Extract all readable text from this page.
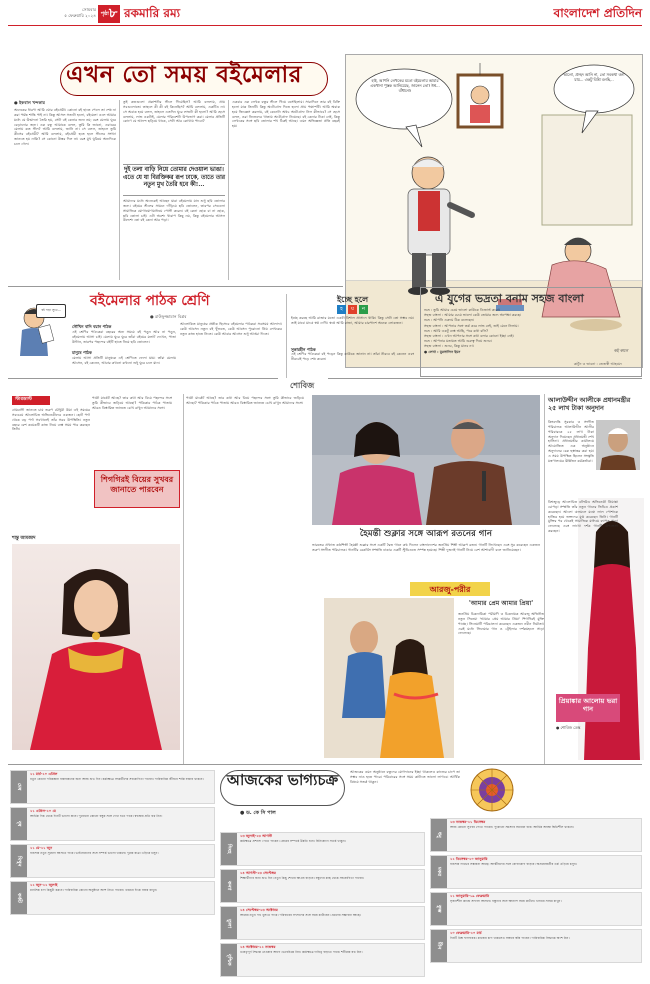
সোমবার
৫ ফেব্রুয়ারি ২০২৪ $^{পৃষ্ঠা}$৮ রকমারি রম্য	বাংলাদেশ প্রতিদিন
এখন তো সময় বইমেলার
● ইকবাল খন্দকার
অনেকের ধারণা আমি ঘোর বইপ্রেমী। কোনো বই হাতে পেলে তা শেষ না করা পর্যন্ত শান্তি পাই না। কিন্তু আসল সত্যটা হলো, বইমেলা এলে আমার মধ্যে যে উন্মাদনা তৈরি হয়, সেটা বই কেনার জন্য নয়; বরং মেলায় ঘুরে বেড়ানোর জন্য। এক বন্ধু আমাকে বলল, তুমি কি জানো, এবারের মেলায় কত স্টল? আমি বললাম, জানি না। সে বলল, তাহলে তুমি কীসের বইপ্রেমী? আমি বললাম, বইপ্রেমী হতে হলে স্টলের সংখ্যা জানতে হয় নাকি? সে কোনো উত্তর দিল না। বরং মুখ ঘুরিয়ে অন্যদিকে চলে গেল।
তুই কতগুলো প্রকাশনীর স্টলে গিয়েছিস? আমি বললাম, প্রায় সবগুলোতে। তাহলে কী কী বই কিনেছিস? আমি বললাম, একটিও না। সে অবাক হয়ে বলল, তাহলে এতদিন ঘুরে লাভটা কী হলো? আমি হেসে বললাম, লাভ একটাই, মেলার পরিবেশটা উপভোগ করা। মেলার প্রতিটি কোণে যে আনন্দ ছড়িয়ে থাকে, সেটা আর কোথায় পাবো?
দুই তলা বাড়ি নিয়ে তোমার দেওয়াল ভাঙা। এতে যে যা বিরক্তিকর রূপ ঢাকে, তাতে তার নতুন মুখ তৈরি হবে কী!...
আমাদের মধ্যে অনেকেই আছেন যারা বইমেলায় যান শুধু ছবি তোলার জন্য। বইয়ের স্টলের সামনে দাঁড়িয়ে ছবি তোলেন, তারপর সেগুলো সামাজিক যোগাযোগমাধ্যমে পোস্ট করেন। বই কেনা হোক বা না হোক, ছবি তোলা চাই। এটা অবশ্য খারাপ কিছু নয়, কিন্তু বইমেলার আসল উদ্দেশ্য তো বই কেনা আর পড়া।
একবার এক লেখক বন্ধুর স্টলে গিয়ে বসেছিলাম। সারাদিনে তার বই বিক্রি হলো মাত্র তিনটি। কিন্তু অটোগ্রাফ দিতে হলো প্রায় পঞ্চাশটি। আমি অবাক হয়ে জিজ্ঞেস করলাম, বই কেনেনি অথচ অটোগ্রাফ নিল কীভাবে? সে হেসে বলল, ওরা নিজেদের খাতায় অটোগ্রাফ নিয়েছে। বই কেনার টাকা নেই, কিন্তু লেখকের সঙ্গে ছবি তোলার শখ ঠিকই আছে। এমন অভিজ্ঞতা প্রতি বছরই হয়।
হাই, আপনি লেখকের মতো বইমেলায় আমার একখানা পুস্তক আনিয়েছে, জানেন তো? ঈশ্ব... বাঁধানো!
ভালো, প্রচ্ছদ আনি না, তো সবকথা বলা যায়... একটু বিশ্রি বলছি...
কই কমল
কার্টুন ও ভাবনা : তেজস্বী আহমেদ
বই পড়া সুখে...
বইমেলার পাঠক শ্রেণি
● রাউফুজ্জামান বিপ্লব
সৌখিন বাদি বয়ান পাঠক
এই শ্রেণির পাঠকেরা বছরের অন্য সময়ে বই পড়ুন আর না পড়ুন, বইমেলায় আসা চাই। মেলায় ঘুরে ঘুরে তাঁরা বইয়ের মলাট দেখেন, পাতা উল্টান, তারপর পছন্দের বইটি হাতে নিয়ে ছবি তোলেন।
মানুষে পাঠক
মেলায় আসা প্রতিটি মানুষকে এই শ্রেণিতে ফেলা যায়। তাঁরা মেলায় আসেন, বই কেনেন, আবার কখনো কখনো শুধু ঘুরে চলে যান।
আলোকিত মানুষের প্রতীক হিসেবে বইমেলার পাঠকরা সবসময় আলাদা। কেউ আসেন নতুন বই খুঁজতে, কেউ আসেন পুরোনো প্রিয় লেখকের নতুন কাজ হাতে নিতে। কেউ আবার আসেন শুধু আড্ডা দিতে।
ইচ্ছে হলে
হ	য়	ন
ইচ্ছে করছে আমি রাজার মতো একটা বিশাল প্রাসাদে থাকি। কিন্তু সেটা তো সম্ভব নয়। তাই মাঝে মাঝে স্বপ্ন দেখি। স্বপ্নে আমি রাজা, আমার চারপাশে অনেক লোকজন।
সুকারহীন পাঠক
এই শ্রেণির পাঠকেরা বই পড়েন কিন্তু কাউকে জানান না। তাঁরা নীরবে বই কেনেন এবং নীরবেই পড়ে শেষ করেন।
এ যুগের ভদ্রতা বনাম সহজ বাংলা
শুভ্র : তুমি আমার চেয়ে ভালো কাউকে ডিজার্ভ করো।
সহজ বাংলা : আমার চেয়ে ভালো কেউ তোমার জন্য অপেক্ষা করছে।
শুভ্র : আপনি একদম ঠিক বলেছেন।
সহজ বাংলা : আপনার সঙ্গে তর্ক করে লাভ নেই, তাই মেনে নিলাম।
শুভ্র : আমি একটু ব্যস্ত আছি, পরে কথা বলি?
সহজ বাংলা : এখন আপনার সঙ্গে কথা বলার কোনো ইচ্ছা নেই।
শুভ্র : আপনার মতামত আমি গুরুত্ব দিয়ে শুনব।
সহজ বাংলা : শুনব, কিন্তু মানব না।
● লেখা : মুরসালিন ইমন
শোবিজ
স্টারডাস্ট
গ্রামবাসী জানতে চায় তরুণ চৌধুরী উমা এই সময়ের সবচেয়ে আলোচিত অভিনেত্রীদের একজন। ছোট পর্দা থেকে বড় পর্দা সবখানেই তাঁর সরব উপস্থিতি। নতুন বছরে বেশ কয়েকটি কাজ নিয়ে ব্যস্ত সময় পার করছেন তিনি।
পাত্রী মার্কেট আছে? তার কথা আর বিয়ে পছন্দের সঙ্গে তুমি কীভাবে জড়িয়ে আছো? পত্রিকার পাঠক পাতায় আরও বিস্তারিত জানতে চোখ রাখুন আমাদের সঙ্গে।
শিগগিরই বিয়ের সুখবর জানাতে পারবেন
শান্তু আমজাদ
পাত্রী মার্কেট আছে? তার কথা আর বিয়ে পছন্দের সঙ্গে তুমি কীভাবে জড়িয়ে আছো? পত্রিকার পাঠক পাতায় আরও বিস্তারিত জানতে চোখ রাখুন আমাদের সঙ্গে।
হৈমন্তী শুক্লার সঙ্গে আরূপ রতনের গান
ভারতের প্রখ্যাত কণ্ঠশিল্পী হৈমন্তী শুক্লার সঙ্গে একটি দ্বৈত গানে কণ্ঠ দিলেন বাংলাদেশের জনপ্রিয় শিল্পী আরূপ রতন। গানটি লিখেছেন এবং সুর করেছেন একজন তরুণ সংগীত পরিচালক। গানটির রেকর্ডিং সম্প্রতি ঢাকার একটি স্টুডিওতে সম্পন্ন হয়েছে। শিল্পী দুজনই গানটি নিয়ে বেশ আশাবাদী বলে জানিয়েছেন।
আরজু-পরীর
'আমার প্রেম আমার প্রিয়া'
জনপ্রিয় চিত্রনায়িকা পরীমণি ও চিত্রনায়ক আরজু অভিনীত নতুন সিনেমা 'আমার প্রেম আমার প্রিয়া' শিগগিরই মুক্তি পাচ্ছে। সিনেমাটি পরিচালনা করেছেন একজন নবীন নির্মাতা। এরই মধ্যে সিনেমার গান ও ট্রেইলার দর্শকমহলে সাড়া ফেলেছে।
আলাউদ্দীন আলীকে প্রধানমন্ত্রীর ২৫ লাখ টাকা অনুদান
কিংবদন্তি সুরকার ও সংগীত পরিচালক আলাউদ্দীন আলীর পরিবারকে ২৫ লাখ টাকা অনুদান দিয়েছেন প্রধানমন্ত্রী শেখ হাসিনা। প্রধানমন্ত্রীর কার্যালয়ে আয়োজিত এক অনুষ্ঠানে অনুদানের চেক হস্তান্তর করা হয়। এ সময় উপস্থিত ছিলেন সংস্কৃতি মন্ত্রণালয়ের ঊর্ধ্বতন কর্মকর্তারা।
বিশ্বজুড়ে আলোচিত বলিউড অভিনেত্রী প্রিয়াঙ্কা চোপড়া সম্প্রতি তাঁর নতুন গানের ভিডিও প্রকাশ করেছেন। আলো ঝলমলে মঞ্চে লাল পোশাকে হাজির হয়ে ভক্তদের মুগ্ধ করেছেন তিনি। গানটি মুক্তির পর থেকেই সামাজিক মাধ্যমে ব্যাপক সাড়া ফেলেছে এবং লাখো দর্শক গানটি উপভোগ করছেন।
প্রিয়াঙ্কার আলোয় ভরা গান
● শোবিজ ডেস্ক
আজকের ভাগ্যচক্র
● ড. কে সি পাল
আজকের এমন অনুষ্ঠানে বন্ধুদের যোগদানের ইচ্ছা থাকলেও কাজের চাপে তা সম্ভব নাও হতে পারে। পরিবারের সঙ্গে সময় কাটাতে ভালো লাগবে। আর্থিক বিষয়ে সতর্ক থাকুন।
মেষ
২১ মার্চ-২০ এপ্রিল
নতুন কোনো পরিকল্পনা বাস্তবায়নের জন্য আজ শুভ দিন। কর্মক্ষেত্রে সহকর্মীদের সহযোগিতা পাবেন। পারিবারিক জীবনে শান্তি বজায় থাকবে।
বৃষ
২১ এপ্রিল-২০ মে
আর্থিক দিক থেকে দিনটি ভালো যাবে। পুরোনো কোনো বন্ধুর সঙ্গে দেখা হতে পারে। স্বাস্থ্যের প্রতি যত্ন নিন।
মিথুন
২১ মে-২১ জুন
ব্যবসায় নতুন সুযোগ আসতে পারে। ভাইবোনদের সঙ্গে সম্পর্ক ভালো থাকবে। দূরের যাত্রা এড়িয়ে চলুন।
কর্কট
২২ জুন-২২ জুলাই
মানসিক চাপ কিছুটা কমবে। পারিবারিক কোনো অনুষ্ঠানে অংশ নিতে পারেন। খরচের দিকে নজর রাখুন।
সিংহ
২৩ জুলাই-২৩ আগস্ট
কর্মক্ষেত্রে প্রশংসা পেতে পারেন। প্রেমের সম্পর্কে উন্নতি হবে। বিনিয়োগে সতর্ক থাকুন।
কন্যা
২৪ আগস্ট-২৩ সেপ্টেম্বর
শিক্ষার্থীদের জন্য শুভ দিন। নতুন কিছু শেখার আগ্রহ বাড়বে। বন্ধুদের কাছ থেকে সহযোগিতা পাবেন।
তুলা
২৪ সেপ্টেম্বর-২৩ অক্টোবর
আয়ের নতুন পথ খুলতে পারে। পরিবারের সদস্যদের সঙ্গে সময় কাটাবেন। ভ্রমণের সম্ভাবনা আছে।
বৃশ্চিক
২৪ অক্টোবর-২২ নভেম্বর
গুরুত্বপূর্ণ সিদ্ধান্ত নেওয়ার আগে ভেবেচিন্তে নিন। কর্মক্ষেত্রে দায়িত্ব বাড়তে পারে। শরীরের যত্ন নিন।
ধনু
২৩ নভেম্বর-২১ ডিসেম্বর
আজ কোনো সুখবর পেতে পারেন। পুরোনো সমস্যার সমাধান হবে। আর্থিক অবস্থা স্থিতিশীল থাকবে।
মকর
২২ ডিসেম্বর-২০ জানুয়ারি
ব্যবসায় লাভের সম্ভাবনা আছে। আত্মীয়দের সঙ্গে যোগাযোগ বাড়বে। অপ্রয়োজনীয় তর্ক এড়িয়ে চলুন।
কুম্ভ
২১ জানুয়ারি-১৯ ফেব্রুয়ারি
সৃজনশীল কাজে সাফল্য আসবে। বন্ধুদের সঙ্গে আনন্দে সময় কাটবে। খাবারে সংযম রাখুন।
মীন
২০ ফেব্রুয়ারি-২০ মার্চ
দিনটি মিশ্র ফলদায়ক। কাজের চাপ থাকলেও সন্ধ্যায় স্বস্তি পাবেন। পারিবারিক সিদ্ধান্তে অংশ নিন।
